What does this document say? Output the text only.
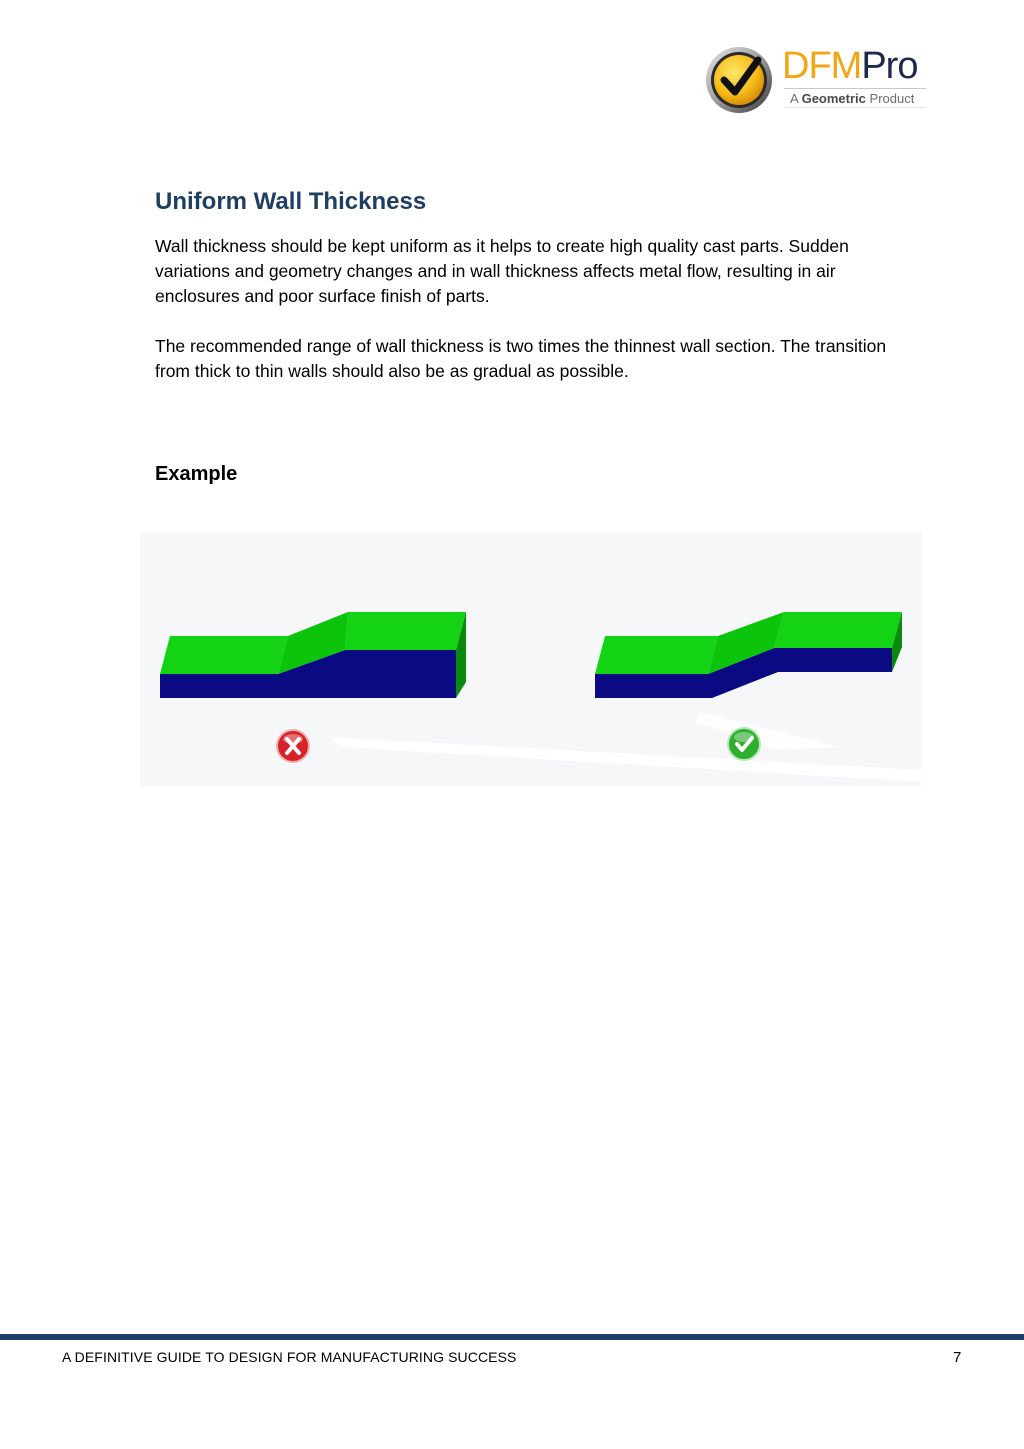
DFMPro
A Geometric Product
Uniform Wall Thickness

Wall thickness should be kept uniform as it helps to create high quality cast parts. Sudden variations and geometry changes and in wall thickness affects metal flow, resulting in air enclosures and poor surface finish of parts.

The recommended range of wall thickness is two times the thinnest wall section. The transition from thick to thin walls should also be as gradual as possible.

Example
A DEFINITIVE GUIDE TO DESIGN FOR MANUFACTURING SUCCESS	7
